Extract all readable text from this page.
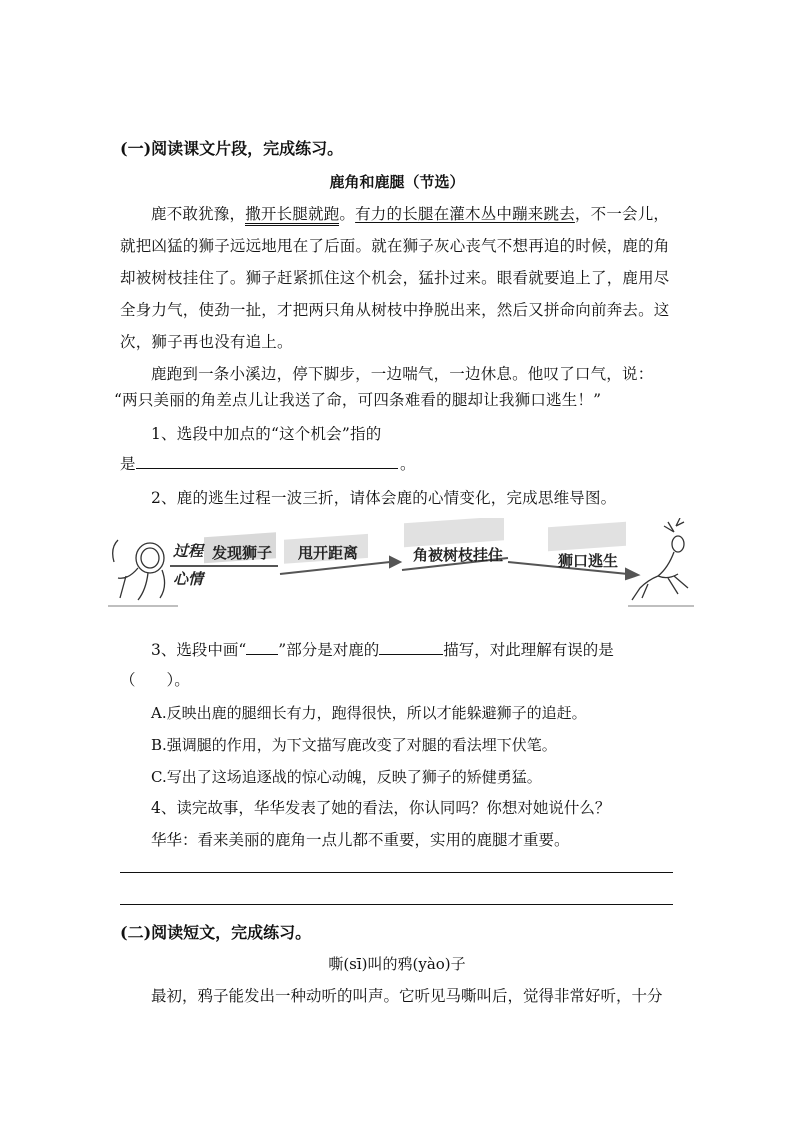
(一)阅读课文片段，完成练习。
鹿角和鹿腿（节选）
鹿不敢犹豫，撒开长腿就跑。有力的长腿在灌木丛中蹦来跳去，不一会儿，就把凶猛的狮子远远地甩在了后面。就在狮子灰心丧气不想再追的时候，鹿的角却被树枝挂住了。狮子赶紧抓住这个机会，猛扑过来。眼看就要追上了，鹿用尽全身力气，使劲一扯，才把两只角从树枝中挣脱出来，然后又拼命向前奔去。这次，狮子再也没有追上。
鹿跑到一条小溪边，停下脚步，一边喘气，一边休息。他叹了口气，说：
“两只美丽的角差点儿让我送了命，可四条难看的腿却让我狮口逃生！”
1、选段中加点的“这个机会”指的
是	。
2、鹿的逃生过程一波三折，请体会鹿的心情变化，完成思维导图。
过程
心情
发现狮子	甩开距离	角被树枝挂住	狮口逃生
3、选段中画“ ”部分是对鹿的	描写，对此理解有误的是
（　　）。
A.反映出鹿的腿细长有力，跑得很快，所以才能躲避狮子的追赶。
B.强调腿的作用，为下文描写鹿改变了对腿的看法埋下伏笔。
C.写出了这场追逐战的惊心动魄，反映了狮子的矫健勇猛。
4、读完故事，华华发表了她的看法，你认同吗？你想对她说什么？
华华：看来美丽的鹿角一点儿都不重要，实用的鹿腿才重要。
(二)阅读短文，完成练习。
嘶(sī)叫的鸦(yào)子
最初，鸦子能发出一种动听的叫声。它听见马嘶叫后，觉得非常好听，十分
